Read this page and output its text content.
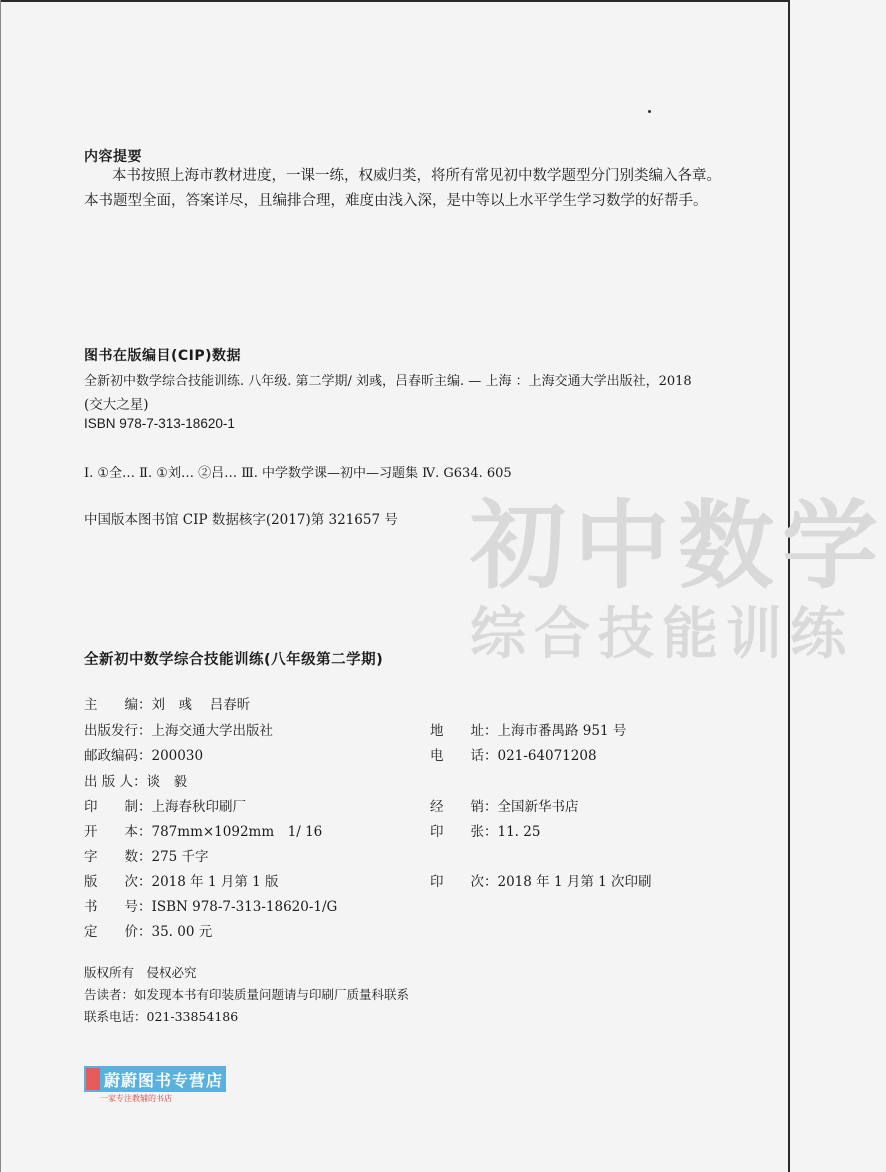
初中数学
综合技能训练
内容提要
本书按照上海市教材进度，一课一练，权威归类，将所有常见初中数学题型分门别类编入各章。
本书题型全面，答案详尽，且编排合理，难度由浅入深，是中等以上水平学生学习数学的好帮手。
图书在版编目(CIP)数据
全新初中数学综合技能训练. 八年级. 第二学期/ 刘彧，吕春昕主编. — 上海 ：上海交通大学出版社，2018
(交大之星)
ISBN 978-7-313-18620-1
Ⅰ. ①全… Ⅱ. ①刘… ②吕… Ⅲ. 中学数学课—初中—习题集 Ⅳ. G634. 605
中国版本图书馆 CIP 数据核字(2017)第 321657 号
全新初中数学综合技能训练(八年级第二学期)
主　　编：刘　彧　 吕春昕
出版发行：上海交通大学出版社	地　　址：上海市番禺路 951 号
邮政编码：200030	电　　话：021-64071208
出 版 人：谈　毅
印　　制：上海春秋印刷厂	经　　销：全国新华书店
开　　本：787mm×1092mm　1/ 16	印　　张：11. 25
字　　数：275 千字
版　　次：2018 年 1 月第 1 版	印　　次：2018 年 1 月第 1 次印刷
书　　号：ISBN 978-7-313-18620-1/G
定　　价：35. 00 元
版权所有　侵权必究
告读者：如发现本书有印装质量问题请与印刷厂质量科联系
联系电话：021-33854186
蔚蔚图书专营店
一家专注教辅的书店
